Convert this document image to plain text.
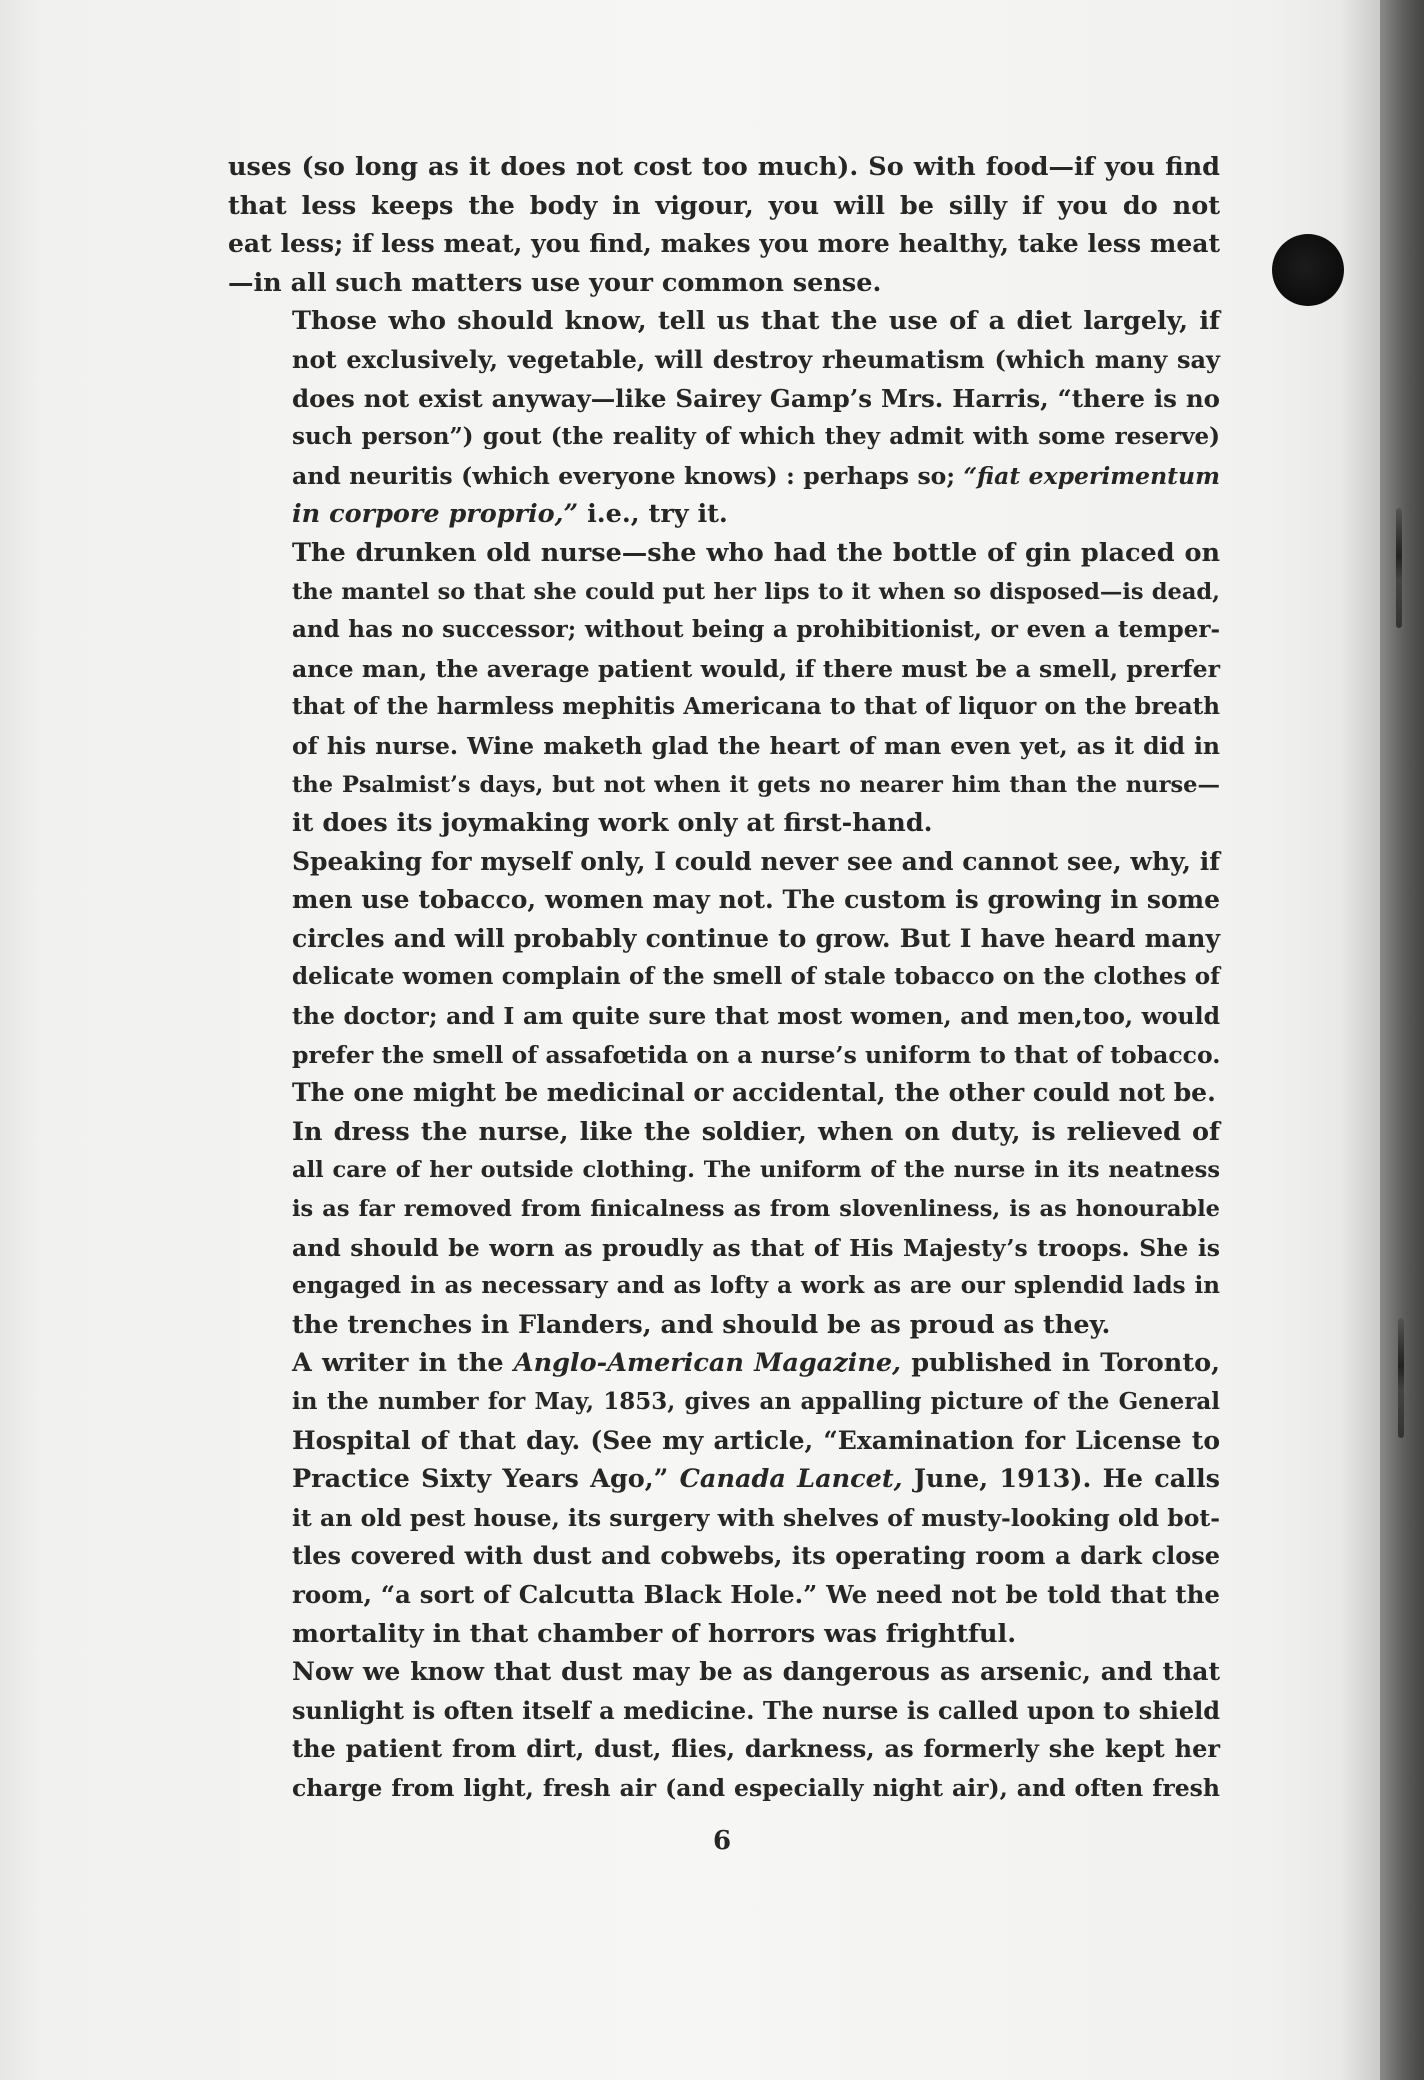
uses (so long as it does not cost too much). So with food—if you find
that less keeps the body in vigour, you will be silly if you do not
eat less; if less meat, you find, makes you more healthy, take less meat
—in all such matters use your common sense.

Those who should know, tell us that the use of a diet largely, if
not exclusively, vegetable, will destroy rheumatism (which many say
does not exist anyway—like Sairey Gamp’s Mrs. Harris, “there is no
such person”) gout (the reality of which they admit with some reserve)
and neuritis (which everyone knows) : perhaps so; “fiat experimentum
in corpore proprio,” i.e., try it.

The drunken old nurse—she who had the bottle of gin placed on
the mantel so that she could put her lips to it when so disposed—is dead,
and has no successor; without being a prohibitionist, or even a temper-
ance man, the average patient would, if there must be a smell, prerfer
that of the harmless mephitis Americana to that of liquor on the breath
of his nurse. Wine maketh glad the heart of man even yet, as it did in
the Psalmist’s days, but not when it gets no nearer him than the nurse—
it does its joymaking work only at first-hand.

Speaking for myself only, I could never see and cannot see, why, if
men use tobacco, women may not. The custom is growing in some
circles and will probably continue to grow. But I have heard many
delicate women complain of the smell of stale tobacco on the clothes of
the doctor; and I am quite sure that most women, and men,too, would
prefer the smell of assafœtida on a nurse’s uniform to that of tobacco.
The one might be medicinal or accidental, the other could not be.

In dress the nurse, like the soldier, when on duty, is relieved of
all care of her outside clothing. The uniform of the nurse in its neatness
is as far removed from finicalness as from slovenliness, is as honourable
and should be worn as proudly as that of His Majesty’s troops. She is
engaged in as necessary and as lofty a work as are our splendid lads in
the trenches in Flanders, and should be as proud as they.

A writer in the Anglo-American Magazine, published in Toronto,
in the number for May, 1853, gives an appalling picture of the General
Hospital of that day. (See my article, “Examination for License to
Practice Sixty Years Ago,” Canada Lancet, June, 1913). He calls
it an old pest house, its surgery with shelves of musty-looking old bot-
tles covered with dust and cobwebs, its operating room a dark close
room, “a sort of Calcutta Black Hole.” We need not be told that the
mortality in that chamber of horrors was frightful.

Now we know that dust may be as dangerous as arsenic, and that
sunlight is often itself a medicine. The nurse is called upon to shield
the patient from dirt, dust, flies, darkness, as formerly she kept her
charge from light, fresh air (and especially night air), and often fresh

6
